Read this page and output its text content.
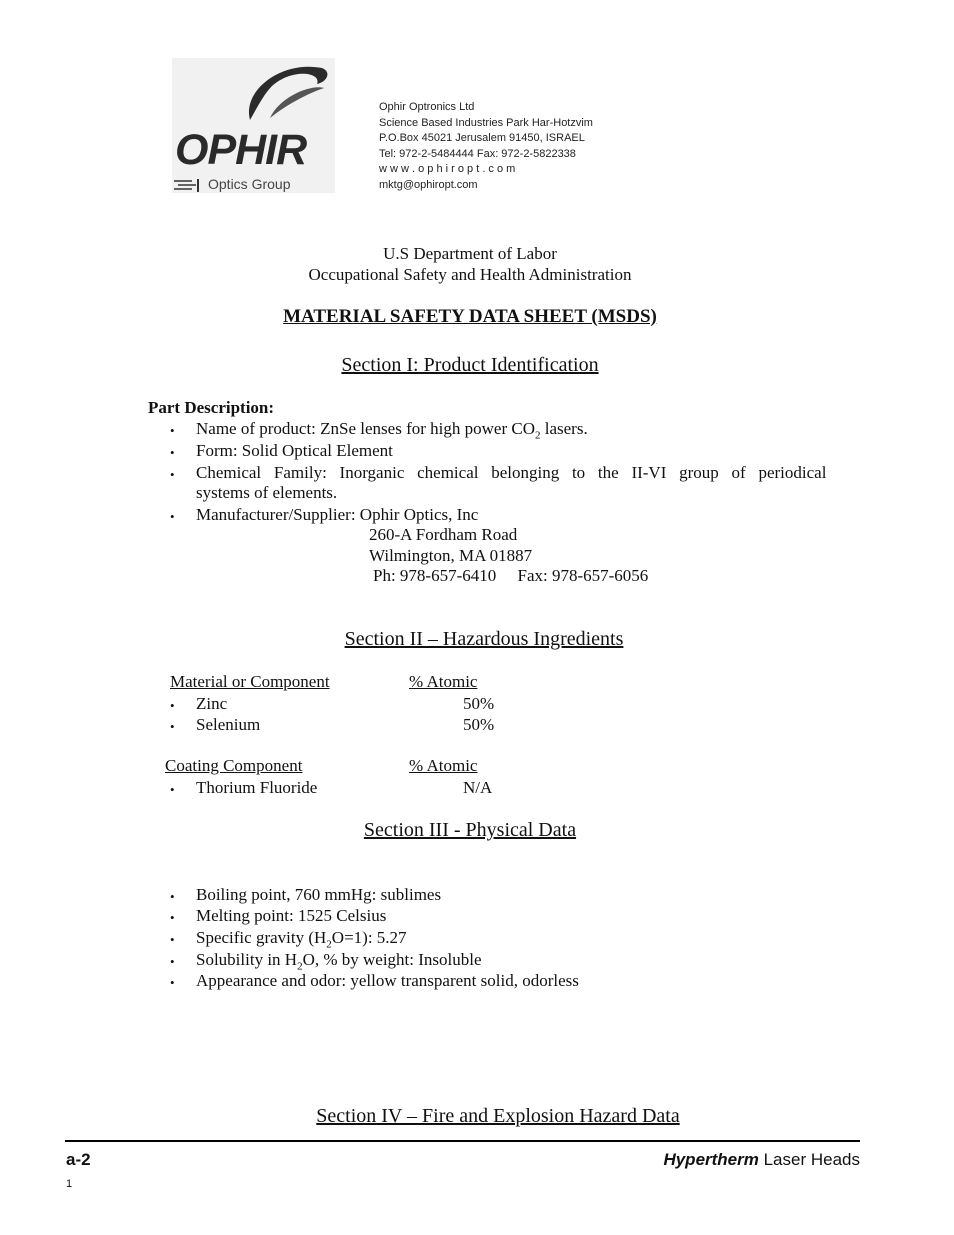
OPHIR
Optics Group
Ophir Optronics Ltd
Science Based Industries Park Har-Hotzvim
P.O.Box 45021 Jerusalem 91450, ISRAEL
Tel: 972-2-5484444 Fax: 972-2-5822338
w w w . o p h i r o p t . c o m
mktg@ophiropt.com
U.S Department of Labor
Occupational Safety and Health Administration
MATERIAL SAFETY DATA SHEET (MSDS)
Section I: Product Identification
Part Description:
• Name of product: ZnSe lenses for high power $CO_2$ lasers.
• Form: Solid Optical Element
• Chemical   Family:   Inorganic   chemical   belonging   to   the   II-VI   group   of   periodical
systems of elements.
• Manufacturer/Supplier: Ophir Optics, Inc
260-A Fordham Road
Wilmington, MA 01887
Ph: 978-657-6410     Fax: 978-657-6056
Section II – Hazardous Ingredients
Material or Component	% Atomic
• Zinc	50%
• Selenium	50%
Coating Component	% Atomic
• Thorium Fluoride	N/A
Section III - Physical Data
• Boiling point, 760 mmHg: sublimes
• Melting point: 1525 Celsius
• Specific gravity $(H_2O=1)$: 5.27
• Solubility in $H_2O$, % by weight: Insoluble
• Appearance and odor: yellow transparent solid, odorless
Section IV – Fire and Explosion Hazard Data
a-2	Hypertherm Laser Heads
1
